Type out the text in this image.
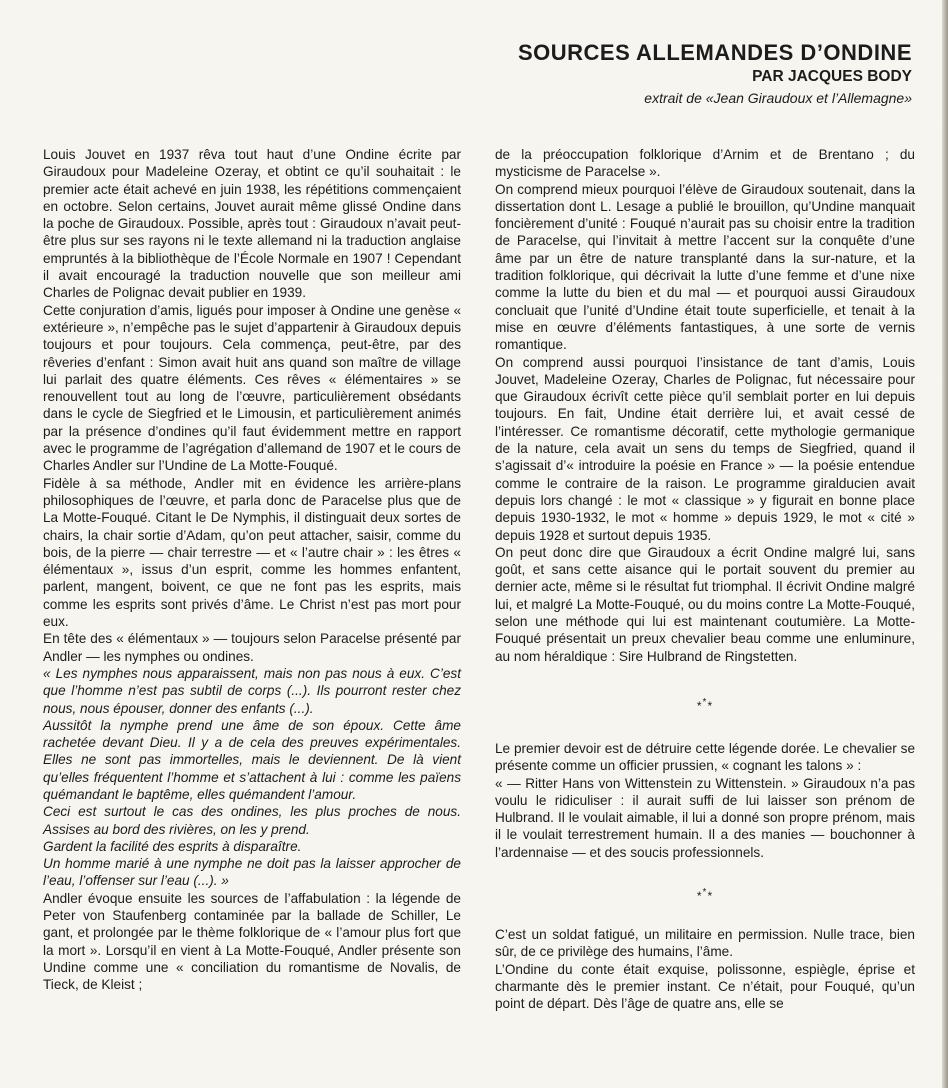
SOURCES ALLEMANDES D’ONDINE
PAR JACQUES BODY
extrait de «Jean Giraudoux et l’Allemagne»

Louis Jouvet en 1937 rêva tout haut d’une Ondine écrite par Giraudoux pour Madeleine Ozeray, et obtint ce qu’il souhaitait : le premier acte était achevé en juin 1938, les répétitions commençaient en octobre. Selon certains, Jouvet aurait même glissé Ondine dans la poche de Giraudoux. Possible, après tout : Giraudoux n’avait peut-être plus sur ses rayons ni le texte allemand ni la traduction anglaise empruntés à la bibliothèque de l’École Normale en 1907 ! Cependant il avait encouragé la traduction nouvelle que son meilleur ami Charles de Polignac devait publier en 1939.

Cette conjuration d’amis, ligués pour imposer à Ondine une genèse « extérieure », n’empêche pas le sujet d’appartenir à Giraudoux depuis toujours et pour toujours. Cela commença, peut-être, par des rêveries d’enfant : Simon avait huit ans quand son maître de village lui parlait des quatre éléments. Ces rêves « élémentaires » se renouvellent tout au long de l’œuvre, particulièrement obsédants dans le cycle de Siegfried et le Limousin, et particulièrement animés par la présence d’ondines qu’il faut évidemment mettre en rapport avec le programme de l’agrégation d’allemand de 1907 et le cours de Charles Andler sur l’Undine de La Motte-Fouqué.

Fidèle à sa méthode, Andler mit en évidence les arrière-plans philosophiques de l’œuvre, et parla donc de Paracelse plus que de La Motte-Fouqué. Citant le De Nymphis, il distinguait deux sortes de chairs, la chair sortie d’Adam, qu’on peut attacher, saisir, comme du bois, de la pierre — chair terrestre — et « l’autre chair » : les êtres « élémentaux », issus d’un esprit, comme les hommes enfantent, parlent, mangent, boivent, ce que ne font pas les esprits, mais comme les esprits sont privés d’âme. Le Christ n’est pas mort pour eux.

En tête des « élémentaux » — toujours selon Paracelse présenté par Andler — les nymphes ou ondines.

« Les nymphes nous apparaissent, mais non pas nous à eux. C’est que l’homme n’est pas subtil de corps (...). Ils pourront rester chez nous, nous épouser, donner des enfants (...).

Aussitôt la nymphe prend une âme de son époux. Cette âme rachetée devant Dieu. Il y a de cela des preuves expérimentales. Elles ne sont pas immortelles, mais le deviennent. De là vient qu’elles fréquentent l’homme et s’attachent à lui : comme les païens quémandant le baptême, elles quémandent l’amour.

Ceci est surtout le cas des ondines, les plus proches de nous. Assises au bord des rivières, on les y prend.

Gardent la facilité des esprits à disparaître.

Un homme marié à une nymphe ne doit pas la laisser approcher de l’eau, l’offenser sur l’eau (...). »

Andler évoque ensuite les sources de l’affabulation : la légende de Peter von Staufenberg contaminée par la ballade de Schiller, Le gant, et prolongée par le thème folklorique de « l’amour plus fort que la mort ». Lorsqu’il en vient à La Motte-Fouqué, Andler présente son Undine comme une « conciliation du romantisme de Novalis, de Tieck, de Kleist ;

de la préoccupation folklorique d’Arnim et de Brentano ; du mysticisme de Paracelse ».

On comprend mieux pourquoi l’élève de Giraudoux soutenait, dans la dissertation dont L. Lesage a publié le brouillon, qu’Undine manquait foncièrement d’unité : Fouqué n’aurait pas su choisir entre la tradition de Paracelse, qui l’invitait à mettre l’accent sur la conquête d’une âme par un être de nature transplanté dans la sur-nature, et la tradition folklorique, qui décrivait la lutte d’une femme et d’une nixe comme la lutte du bien et du mal — et pourquoi aussi Giraudoux concluait que l’unité d’Undine était toute superficielle, et tenait à la mise en œuvre d’éléments fantastiques, à une sorte de vernis romantique.

On comprend aussi pourquoi l’insistance de tant d’amis, Louis Jouvet, Madeleine Ozeray, Charles de Polignac, fut nécessaire pour que Giraudoux écrivît cette pièce qu’il semblait porter en lui depuis toujours. En fait, Undine était derrière lui, et avait cessé de l’intéresser. Ce romantisme décoratif, cette mythologie germanique de la nature, cela avait un sens du temps de Siegfried, quand il s’agissait d’« introduire la poésie en France » — la poésie entendue comme le contraire de la raison. Le programme giralducien avait depuis lors changé : le mot « classique » y figurait en bonne place depuis 1930-1932, le mot « homme » depuis 1929, le mot « cité » depuis 1928 et surtout depuis 1935.

On peut donc dire que Giraudoux a écrit Ondine malgré lui, sans goût, et sans cette aisance qui le portait souvent du premier au dernier acte, même si le résultat fut triomphal. Il écrivit Ondine malgré lui, et malgré La Motte-Fouqué, ou du moins contre La Motte-Fouqué, selon une méthode qui lui est maintenant coutumière. La Motte-Fouqué présentait un preux chevalier beau comme une enluminure, au nom héraldique : Sire Hulbrand de Ringstetten.

***

Le premier devoir est de détruire cette légende dorée. Le chevalier se présente comme un officier prussien, « cognant les talons » :

« — Ritter Hans von Wittenstein zu Wittenstein. » Giraudoux n’a pas voulu le ridiculiser : il aurait suffi de lui laisser son prénom de Hulbrand. Il le voulait aimable, il lui a donné son propre prénom, mais il le voulait terrestrement humain. Il a des manies — bouchonner à l’ardennaise — et des soucis professionnels.

***

C’est un soldat fatigué, un militaire en permission. Nulle trace, bien sûr, de ce privilège des humains, l’âme.

L’Ondine du conte était exquise, polissonne, espiègle, éprise et charmante dès le premier instant. Ce n’était, pour Fouqué, qu’un point de départ. Dès l’âge de quatre ans, elle se
